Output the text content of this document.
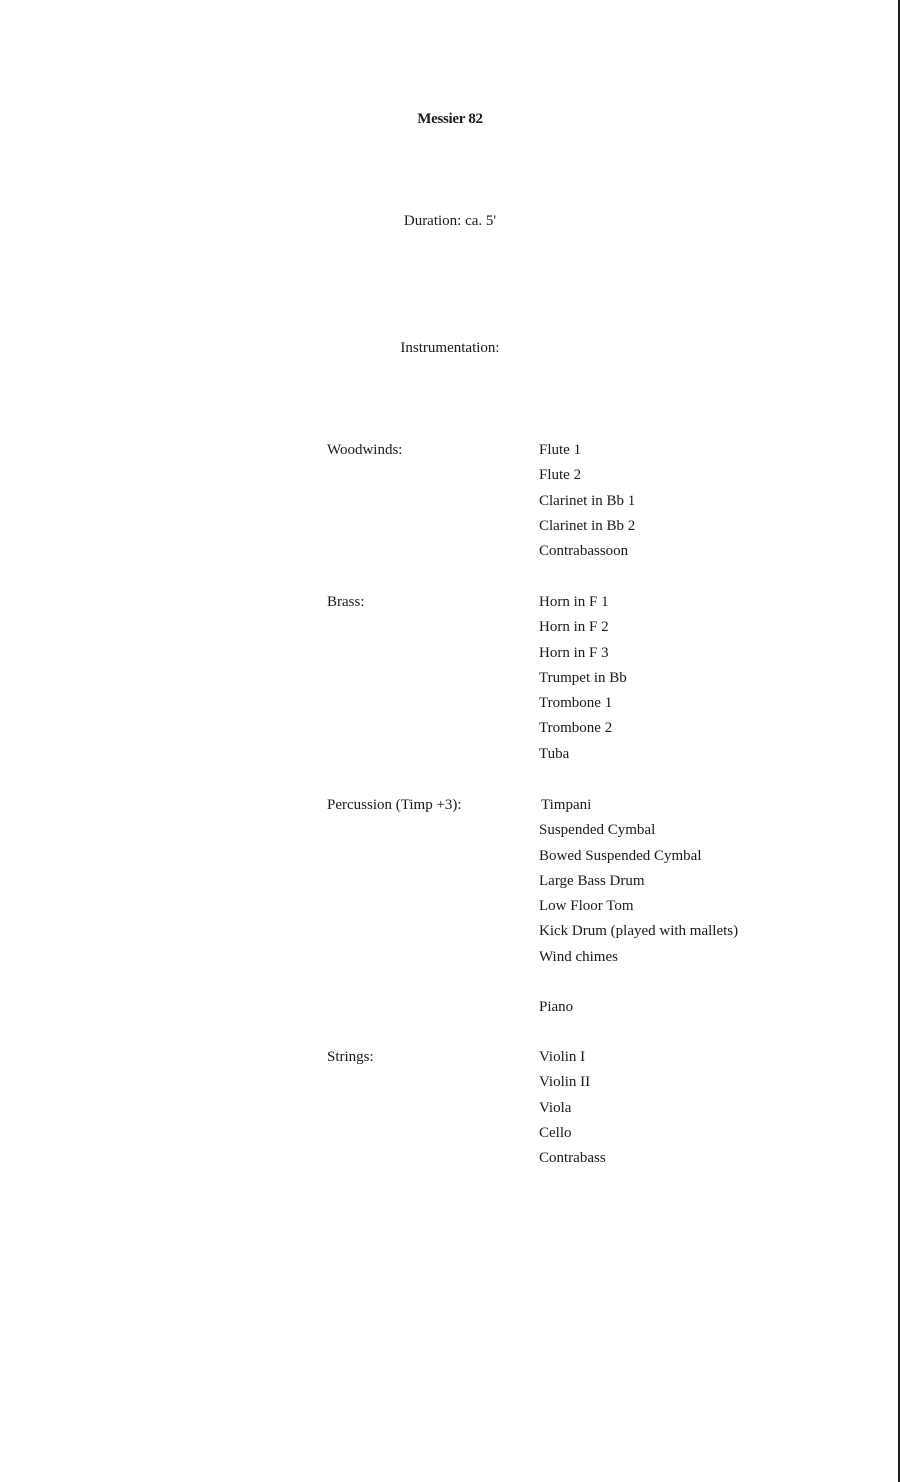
Messier 82
Duration: ca. 5'
Instrumentation:
Woodwinds:	Flute 1
Flute 2
Clarinet in Bb 1
Clarinet in Bb 2
Contrabassoon
Brass:	Horn in F 1
Horn in F 2
Horn in F 3
Trumpet in Bb
Trombone 1
Trombone 2
Tuba
Percussion (Timp +3):	Timpani
Suspended Cymbal
Bowed Suspended Cymbal
Large Bass Drum
Low Floor Tom
Kick Drum (played with mallets)
Wind chimes
Piano
Strings:	Violin I
Violin II
Viola
Cello
Contrabass
